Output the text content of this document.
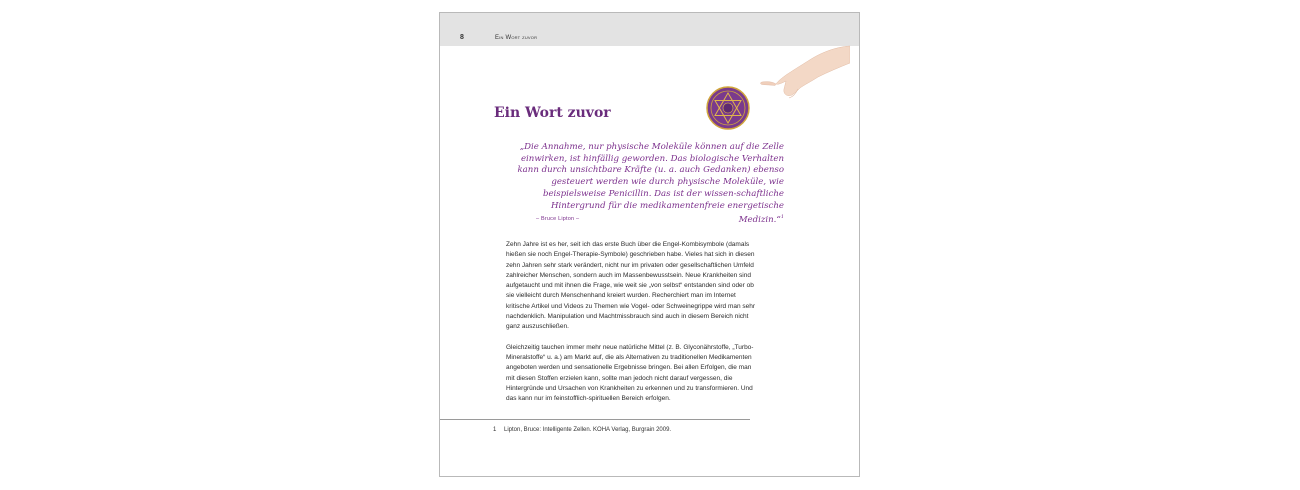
8	Ein Wort zuvor
Ein Wort zuvor
„Die Annahme, nur physische Moleküle können auf die Zelle einwirken, ist hinfällig geworden. Das biologische Verhalten kann durch unsichtbare Kräfte (u. a. auch Gedanken) ebenso gesteuert werden wie durch physische Moleküle, wie beispielsweise Penicillin. Das ist der wissen-schaftliche Hintergrund für die medikamentenfreie energetische Medizin.“$^1$
– Bruce Lipton –

Zehn Jahre ist es her, seit ich das erste Buch über die Engel-Kombisymbole (damals hießen sie noch Engel-Therapie-Symbole) geschrieben habe. Vieles hat sich in diesen zehn Jahren sehr stark verändert, nicht nur im privaten oder gesellschaftlichen Umfeld zahlreicher Menschen, sondern auch im Massenbewusstsein. Neue Krankheiten sind aufgetaucht und mit ihnen die Frage, wie weit sie „von selbst“ entstanden sind oder ob sie vielleicht durch Menschenhand kreiert wurden. Recherchiert man im Internet kritische Artikel und Videos zu Themen wie Vogel- oder Schweinegrippe wird man sehr nachdenklich. Manipulation und Machtmissbrauch sind auch in diesem Bereich nicht ganz auszuschließen.

Gleichzeitig tauchen immer mehr neue natürliche Mittel (z. B. Glyconährstoffe, „Turbo-Mineralstoffe“ u. a.) am Markt auf, die als Alternativen zu traditionellen Medikamenten angeboten werden und sensationelle Ergebnisse bringen. Bei allen Erfolgen, die man mit diesen Stoffen erzielen kann, sollte man jedoch nicht darauf vergessen, die Hintergründe und Ursachen von Krankheiten zu erkennen und zu transformieren. Und das kann nur im feinstofflich-spirituellen Bereich erfolgen.

1 Lipton, Bruce: Intelligente Zellen. KOHA Verlag, Burgrain 2009.
